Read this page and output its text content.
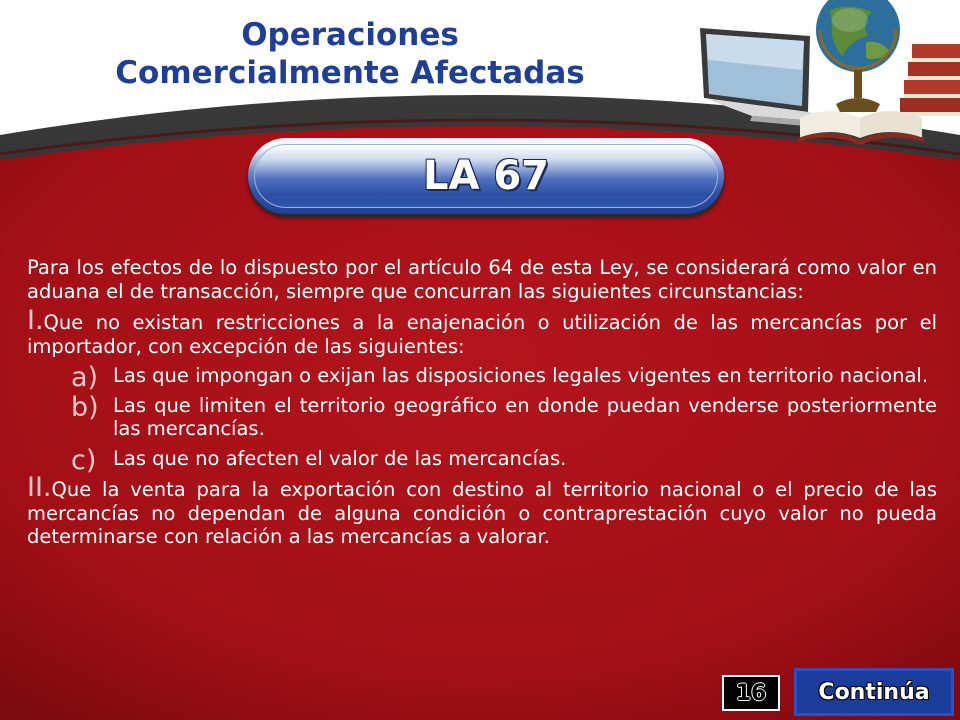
Operaciones
Comercialmente Afectadas
LA 67

Para los efectos de lo dispuesto por el artículo 64 de esta Ley, se considerará como valor en aduana el de transacción, siempre que concurran las siguientes circunstancias:

I.Que no existan restricciones a la enajenación o utilización de las mercancías por el importador, con excepción de las siguientes:

a) Las que impongan o exijan las disposiciones legales vigentes en territorio nacional.
b) Las que limiten el territorio geográfico en donde puedan venderse posteriormente las mercancías.
c) Las que no afecten el valor de las mercancías.

II.Que la venta para la exportación con destino al territorio nacional o el precio de las mercancías no dependan de alguna condición o contraprestación cuyo valor no pueda determinarse con relación a las mercancías a valorar.

16	Continúa
